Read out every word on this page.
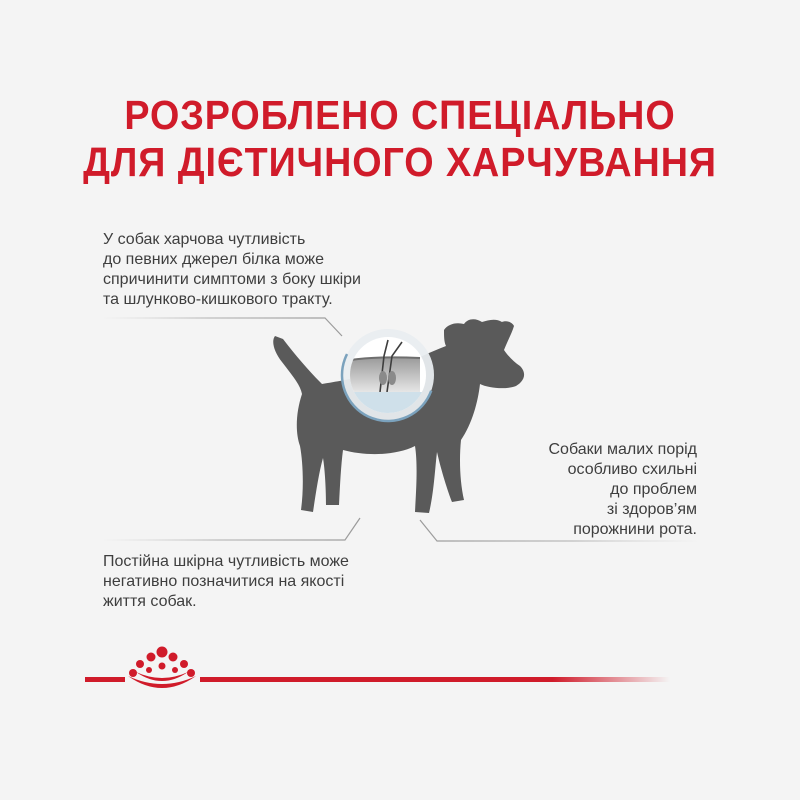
РОЗРОБЛЕНО СПЕЦІАЛЬНО
ДЛЯ ДІЄТИЧНОГО ХАРЧУВАННЯ
У собак харчова чутливість
до певних джерел білка може
спричинити симптоми з боку шкіри
та шлунково-кишкового тракту.
Собаки малих порід
особливо схильні
до проблем
зі здоров’ям
порожнини рота.
Постійна шкірна чутливість може
негативно позначитися на якості
життя собак.
